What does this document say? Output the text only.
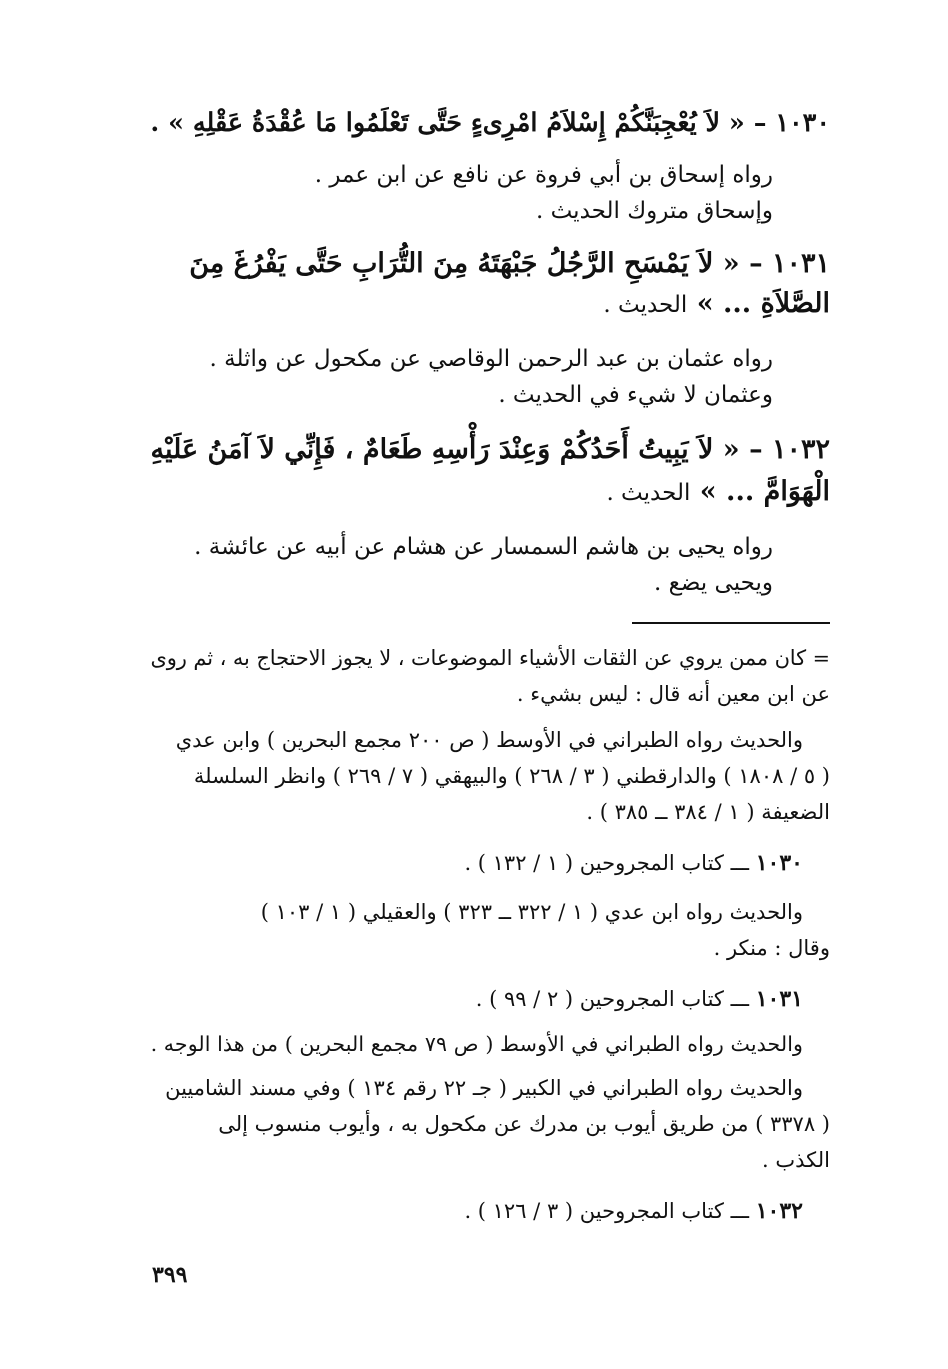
١٠٣٠ – « لاَ يُعْجِبَنَّكُمْ إِسْلاَمُ امْرِىءٍ حَتَّى تَعْلَمُوا مَا عُقْدَةُ عَقْلِهِ » .
رواه إسحاق بن أبي فروة عن نافع عن ابن عمر .
وإسحاق متروك الحديث .
١٠٣١ – « لاَ يَمْسَحِ الرَّجُلُ جَبْهَتَهُ مِنَ التُّرَابِ حَتَّى يَفْرُغَ مِنَ
الصَّلاَةِ ... » الحديث .
رواه عثمان بن عبد الرحمن الوقاصي عن مكحول عن واثلة .
وعثمان لا شيء في الحديث .
١٠٣٢ – « لاَ يَبِيتُ أَحَدُكُمْ وَعِنْدَ رَأْسِهِ طَعَامٌ ، فَإِنِّي لاَ آمَنُ عَلَيْهِ
الْهَوَامَّ ... » الحديث .
رواه يحيى بن هاشم السمسار عن هشام عن أبيه عن عائشة .
ويحيى يضع .
= كان ممن يروي عن الثقات الأشياء الموضوعات ، لا يجوز الاحتجاج به ، ثم روى
عن ابن معين أنه قال : ليس بشيء .
والحديث رواه الطبراني في الأوسط ( ص ٢٠٠ مجمع البحرين ) وابن عدي
( ٥ / ١٨٠٨ ) والدارقطني ( ٣ / ٢٦٨ ) والبيهقي ( ٧ / ٢٦٩ ) وانظر السلسلة
الضعيفة ( ١ / ٣٨٤ ــ ٣٨٥ ) .
١٠٣٠ ـــ كتاب المجروحين ( ١ / ١٣٢ ) .
والحديث رواه ابن عدي ( ١ / ٣٢٢ ــ ٣٢٣ ) والعقيلي ( ١ / ١٠٣ )
وقال : منكر .
١٠٣١ ـــ كتاب المجروحين ( ٢ / ٩٩ ) .
والحديث رواه الطبراني في الأوسط ( ص ٧٩ مجمع البحرين ) من هذا الوجه .
والحديث رواه الطبراني في الكبير ( جـ ٢٢ رقم ١٣٤ ) وفي مسند الشاميين
( ٣٣٧٨ ) من طريق أيوب بن مدرك عن مكحول به ، وأيوب منسوب إلى
الكذب .
١٠٣٢ ـــ كتاب المجروحين ( ٣ / ١٢٦ ) .
٣٩٩
